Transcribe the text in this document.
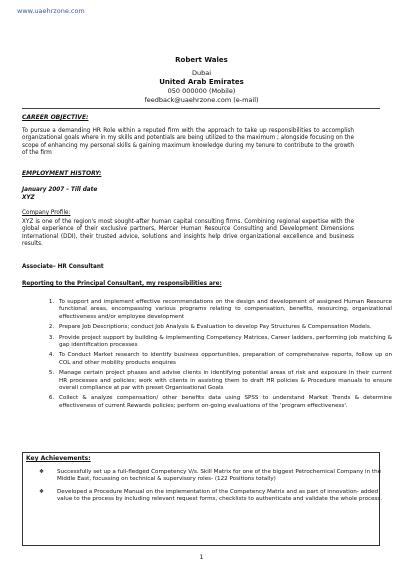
www.uaehrzone.com
Robert Wales
Dubai
United Arab Emirates
050 000000 (Mobile)
feedback@uaehrzone.com (e-mail)
CAREER OBJECTIVE:
To pursue a demanding HR Role within a reputed firm with the approach to take up responsibilities to accomplish organizational goals where in my skills and potentials are being utilized to the maximum ; alongside focusing on the scope of enhancing my personal skills & gaining maximum knowledge during my tenure to contribute to the growth of the firm
EMPLOYMENT HISTORY:
January 2007 – Till date
XYZ
Company Profile:
XYZ is one of the region's most sought-after human capital consulting firms. Combining regional expertise with the global experience of their exclusive partners, Mercer Human Resource Consulting and Development Dimensions International (DDI), their trusted advice, solutions and insights help drive organizational excellence and business results.
Associate– HR Consultant
Reporting to the Principal Consultant, my responsibilities are:
1. To support and implement effective recommendations on the design and development of assigned Human Resource functional areas, encompassing various programs relating to compensation, benefits, resourcing, organizational effectiveness and/or employee development
2. Prepare Job Descriptions; conduct Job Analysis & Evaluation to develop Pay Structures & Compensation Models.
3. Provide project support by building & implementing Competency Matrices, Career ladders, performing job matching & gap identification processes
4. To Conduct Market research to identify business opportunities, preparation of comprehensive reports, follow up on COL and other mobility products enquires
5. Manage certain project phases and advise clients in identifying potential areas of risk and exposure in their current HR processes and policies; work with clients in assisting them to draft HR policies & Procedure manuals to ensure overall compliance at par with preset Organisational Goals
6. Collect & analyze compensation/ other benefits data using SPSS to understand Market Trends & determine effectiveness of current Rewards policies; perform on-going evaluations of the 'program effectiveness'.
Key Achievements:
❖ Successfully set up a full-fledged Competency V/s. Skill Matrix for one of the biggest Petrochemical Company in the Middle East, focussing on technical & supervisory roles- (122 Positions totally)
❖ Developed a Procedure Manual on the implementation of the Competency Matrix and as part of innovation- added value to the process by including relevant request forms, checklists to authenticate and validate the whole process.
1
